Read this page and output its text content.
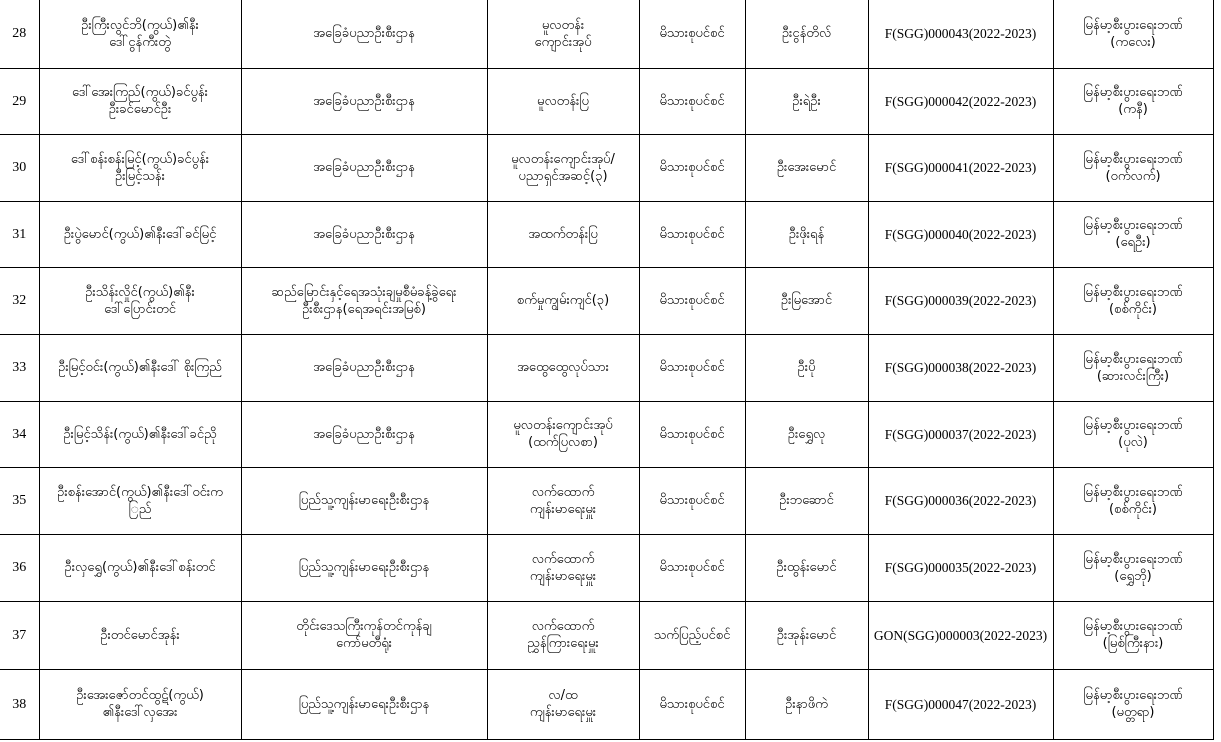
28	ဦးကြီးလွင်ဘိ(ကွယ်)၏နီး
ဒေါ်ငွန်ကီးတွဲ	အခြေခံပညာဦးစီးဌာန	မူလတန်း
ကျောင်းအုပ်	မိသားစုပင်စင်	ဦးငွန်တိလ်	F(SGG)000043(2022-2023)	မြန်မာ့စီးပွားရေးဘဏ်
(ကလေး)

29	ဒေါ်အေးကြည်(ကွယ်)ခင်ပွန်း
ဦးခင်မောင်ဦး	အခြေခံပညာဦးစီးဌာန	မူလတန်းပြ	မိသားစုပင်စင်	ဦးရဲဦး	F(SGG)000042(2022-2023)	မြန်မာ့စီးပွားရေးဘဏ်
(ကနီ)

30	ဒေါ်စန်းစန်းမြင့်(ကွယ်)ခင်ပွန်း
ဦးမြင့်သန်း	အခြေခံပညာဦးစီးဌာန	မူလတန်းကျောင်းအုပ်/
ပညာရှင်အဆင့်(၃)	မိသားစုပင်စင်	ဦးအေးမောင်	F(SGG)000041(2022-2023)	မြန်မာ့စီးပွားရေးဘဏ်
(ဝက်လက်)

31	ဦးပွဲမောင်(ကွယ်)၏နီးဒေါ်ခင်မြင့်	အခြေခံပညာဦးစီးဌာန	အထက်တန်းပြ	မိသားစုပင်စင်	ဦးဖိုးရန်	F(SGG)000040(2022-2023)	မြန်မာ့စီးပွားရေးဘဏ်
(ရေဦး)

32	ဦးသိန်းလှိုင်(ကွယ်)၏နီး
ဒေါ်ပြောင်းတင်	ဆည်မြောင်းနှင့်ရေအသုံးချမှုစီမံခန့်ခွဲရေး
ဦးစီးဌာန(ရေအရင်းအမြစ်)	စက်မှုကျွမ်းကျင်(၃)	မိသားစုပင်စင်	ဦးမြအောင်	F(SGG)000039(2022-2023)	မြန်မာ့စီးပွားရေးဘဏ်
(စစ်ကိုင်း)

33	ဦးမြင့်ဝင်း(ကွယ်)၏နီးဒေါ် စိုးကြည်	အခြေခံပညာဦးစီးဌာန	အထွေထွေလုပ်သား	မိသားစုပင်စင်	ဦးပို	F(SGG)000038(2022-2023)	မြန်မာ့စီးပွားရေးဘဏ်
(ဆားလင်းကြီး)

34	ဦးမြင့်သိန်း(ကွယ်)၏နီးဒေါ်ခင်ညို	အခြေခံပညာဦးစီးဌာန	မူလတန်းကျောင်းအုပ်
(ထက်ပြလစာ)	မိသားစုပင်စင်	ဦးရွှေလု	F(SGG)000037(2022-2023)	မြန်မာ့စီးပွားရေးဘဏ်
(ပုလဲ)

35	ဦးစန်းအောင်(ကွယ်)၏နီးဒေါ်ဝင်းက
ြည်	ပြည်သူ့ကျန်းမာရေးဦးစီးဌာန	လက်ထောက်
ကျန်းမာရေးမှူး	မိသားစုပင်စင်	ဦးဘဆောင်	F(SGG)000036(2022-2023)	မြန်မာ့စီးပွားရေးဘဏ်
(စစ်ကိုင်း)

36	ဦးလှရွှေ(ကွယ်)၏နီးဒေါ်စန်းတင်	ပြည်သူ့ကျန်းမာရေးဦးစီးဌာန	လက်ထောက်
ကျန်းမာရေးမှူး	မိသားစုပင်စင်	ဦးထွန်းမောင်	F(SGG)000035(2022-2023)	မြန်မာ့စီးပွားရေးဘဏ်
(ရွှေဘို)

37	ဦးတင်မောင်အုန်း	တိုင်းဒေသကြီးကုန်တင်ကုန်ချ
ကော်မတီရုံး	လက်ထောက်
ညွှန်ကြားရေးမှူး	သက်ပြည့်ပင်စင်	ဦးအုန်းမောင်	GON(SGG)000003(2022-2023)	မြန်မာ့စီးပွားရေးဘဏ်
(မြစ်ကြီးနား)

38	ဦးအေးဇော်တင်ထွဋ်(ကွယ်)
၏နီးဒေါ်လှအေး	ပြည်သူ့ကျန်းမာရေးဦးစီးဌာန	လ/ထ
ကျန်းမာရေးမှူး	မိသားစုပင်စင်	ဦးနာဖိကဲ	F(SGG)000047(2022-2023)	မြန်မာ့စီးပွားရေးဘဏ်
(မတ္တရာ)
